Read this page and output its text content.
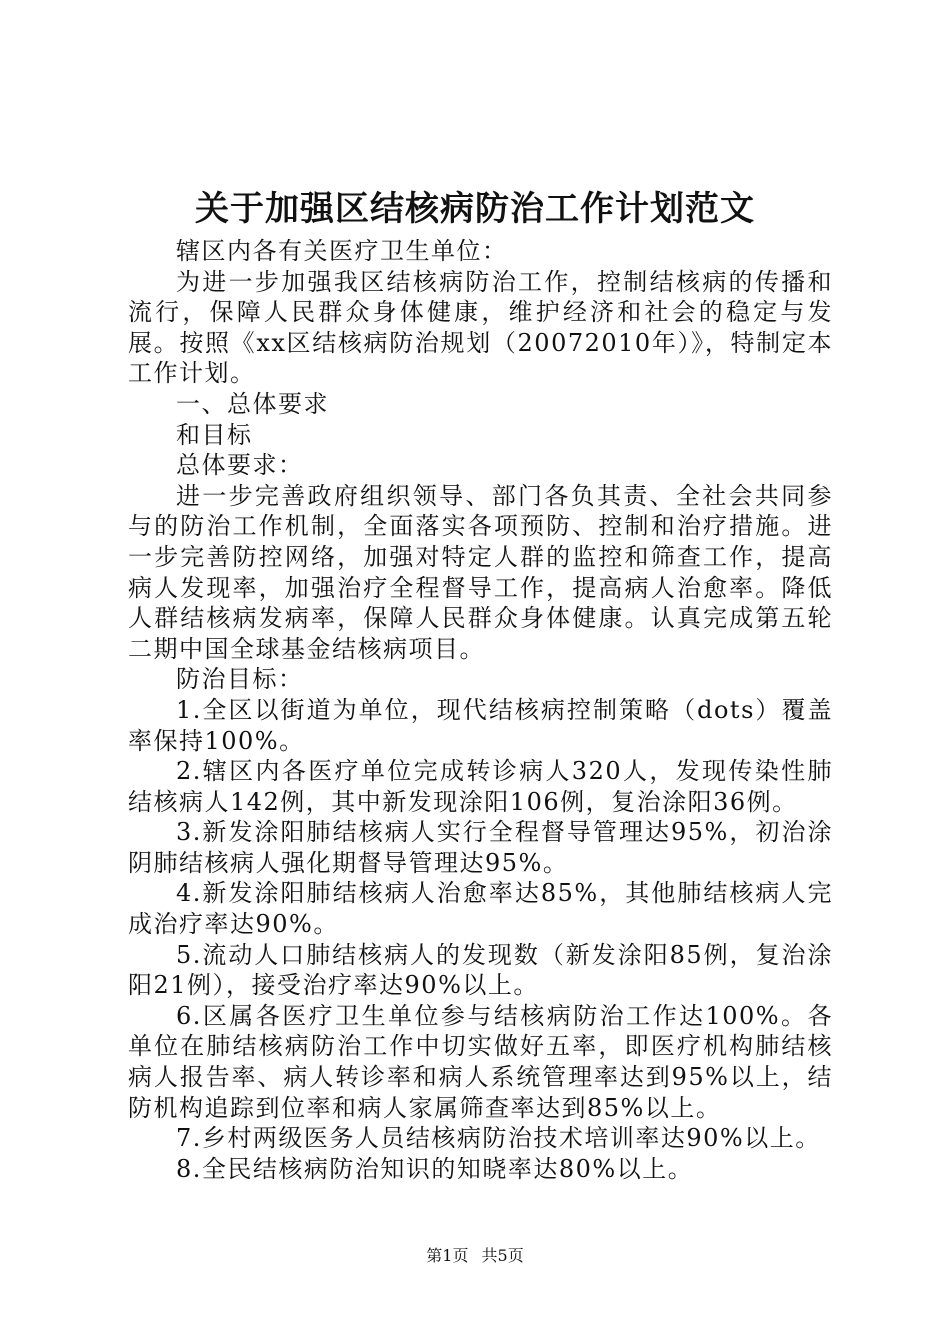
关于加强区结核病防治工作计划范文

辖区内各有关医疗卫生单位：

为进一步加强我区结核病防治工作，控制结核病的传播和流行，保障人民群众身体健康，维护经济和社会的稳定与发展。按照《xx区结核病防治规划（20072010年）》，特制定本工作计划。

一、总体要求

和目标

总体要求：

进一步完善政府组织领导、部门各负其责、全社会共同参与的防治工作机制，全面落实各项预防、控制和治疗措施。进一步完善防控网络，加强对特定人群的监控和筛查工作，提高病人发现率，加强治疗全程督导工作，提高病人治愈率。降低人群结核病发病率，保障人民群众身体健康。认真完成第五轮二期中国全球基金结核病项目。

防治目标：

1.全区以街道为单位，现代结核病控制策略（dots）覆盖率保持100%。

2.辖区内各医疗单位完成转诊病人320人，发现传染性肺结核病人142例，其中新发现涂阳106例，复治涂阳36例。

3.新发涂阳肺结核病人实行全程督导管理达95%，初治涂阴肺结核病人强化期督导管理达95%。

4.新发涂阳肺结核病人治愈率达85%，其他肺结核病人完成治疗率达90%。

5.流动人口肺结核病人的发现数（新发涂阳85例，复治涂阳21例），接受治疗率达90%以上。

6.区属各医疗卫生单位参与结核病防治工作达100%。各单位在肺结核病防治工作中切实做好五率，即医疗机构肺结核病人报告率、病人转诊率和病人系统管理率达到95%以上，结防机构追踪到位率和病人家属筛查率达到85%以上。

7.乡村两级医务人员结核病防治技术培训率达90%以上。

8.全民结核病防治知识的知晓率达80%以上。

第1页 共5页
